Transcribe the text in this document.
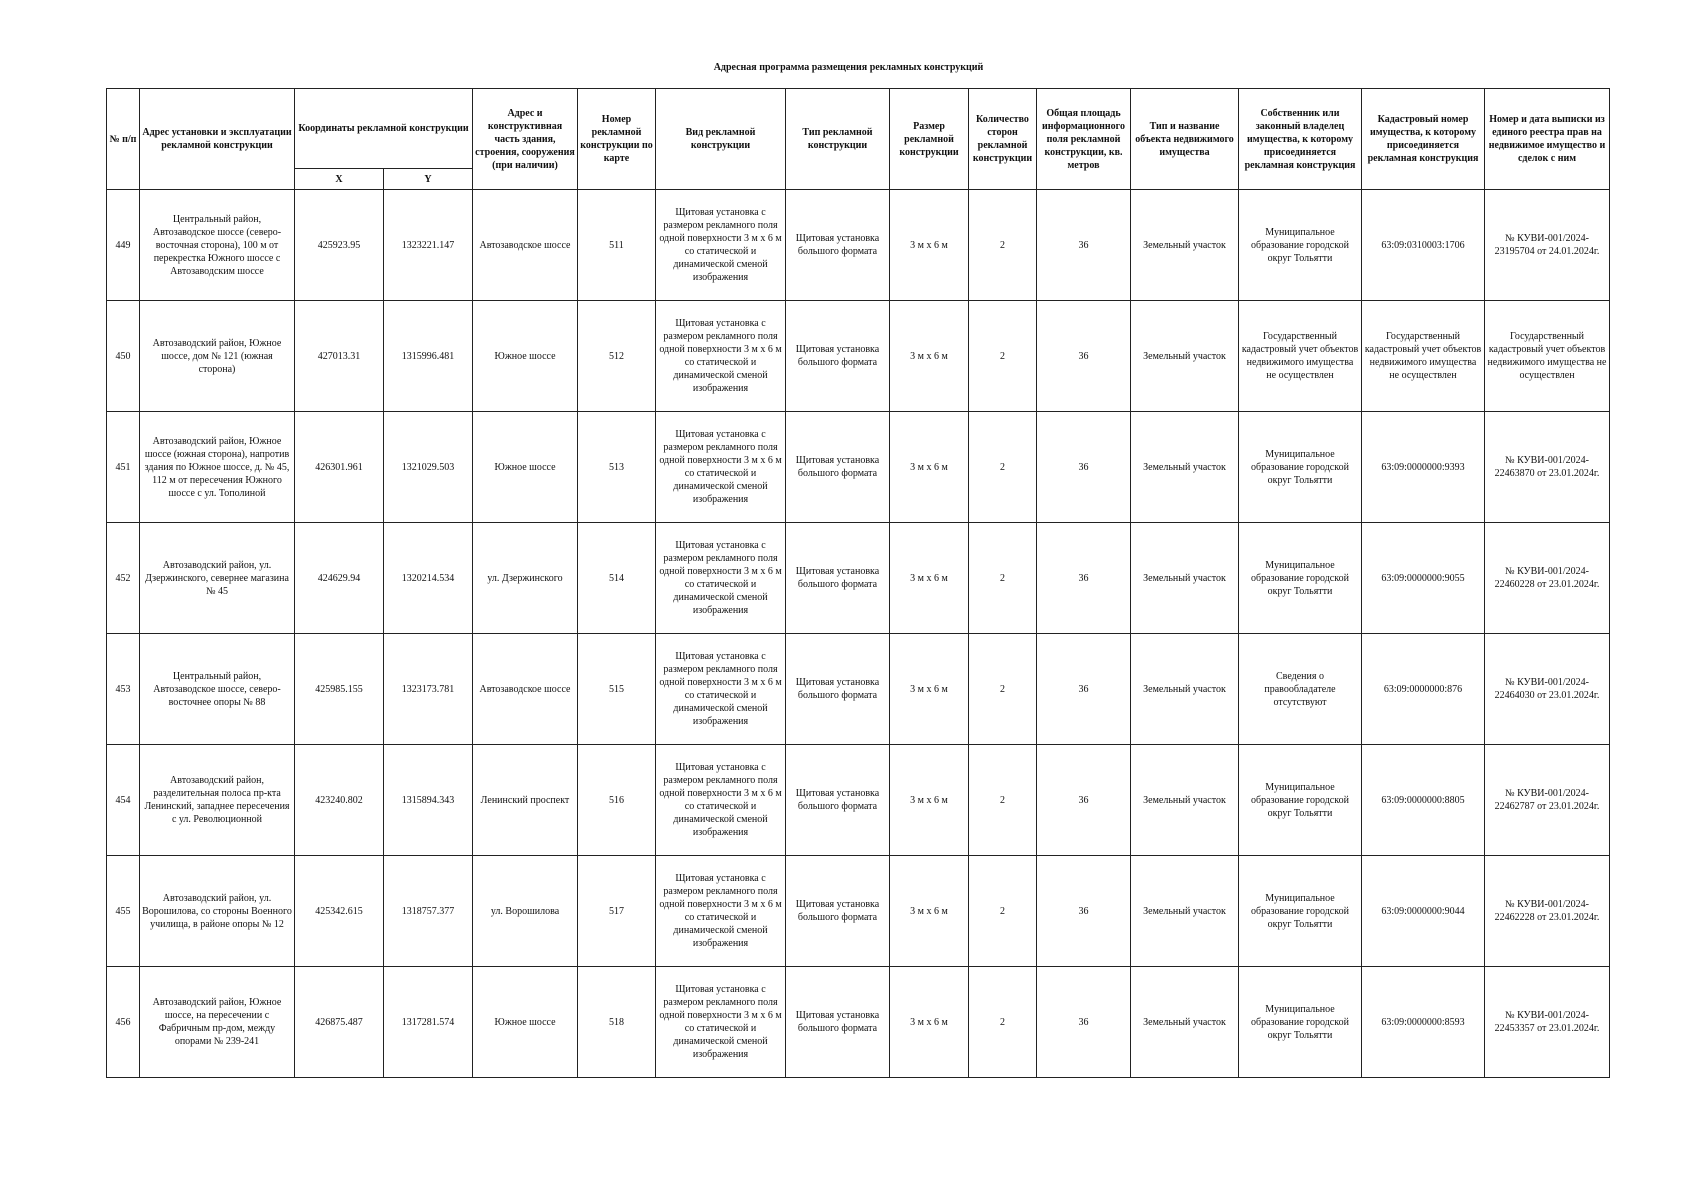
Адресная программа размещения рекламных конструкций
№ п/п	Адрес установки и эксплуатации рекламной конструкции	Координаты рекламной конструкции		Адрес и конструктивная часть здания, строения, сооружения (при наличии)	Номер рекламной конструкции по карте	Вид рекламной конструкции	Тип рекламной конструкции	Размер рекламной конструкции	Количество сторон рекламной конструкции	Общая площадь информационного поля рекламной конструкции, кв. метров	Тип и название объекта недвижимого имущества	Собственник или законный владелец имущества, к которому присоединяется рекламная конструкция	Кадастровый номер имущества, к которому присоединяется рекламная конструкция	Номер и дата выписки из единого реестра прав на недвижимое имущество и сделок с ним
		X	Y											
449	Центральный район, Автозаводское шоссе (северо-восточная сторона), 100 м от перекрестка Южного шоссе с Автозаводским шоссе	425923.95	1323221.147	Автозаводское шоссе	511	Щитовая установка с размером рекламного поля одной поверхности 3 м х 6 м со статической и динамической сменой изображения	Щитовая установка большого формата	3 м х 6 м	2	36	Земельный участок	Муниципальное образование городской округ Тольятти	63:09:0310003:1706	№ КУВИ-001/2024-23195704 от 24.01.2024г.
450	Автозаводский район, Южное шоссе, дом № 121 (южная сторона)	427013.31	1315996.481	Южное шоссе	512	Щитовая установка с размером рекламного поля одной поверхности 3 м х 6 м со статической и динамической сменой изображения	Щитовая установка большого формата	3 м х 6 м	2	36	Земельный участок	Государственный кадастровый учет объектов недвижимого имущества не осуществлен	Государственный кадастровый учет объектов недвижимого имущества не осуществлен	Государственный кадастровый учет объектов недвижимого имущества не осуществлен
451	Автозаводский район, Южное шоссе (южная сторона), напротив здания по Южное шоссе, д. № 45, 112 м от пересечения Южного шоссе с ул. Тополиной	426301.961	1321029.503	Южное шоссе	513	Щитовая установка с размером рекламного поля одной поверхности 3 м х 6 м со статической и динамической сменой изображения	Щитовая установка большого формата	3 м х 6 м	2	36	Земельный участок	Муниципальное образование городской округ Тольятти	63:09:0000000:9393	№ КУВИ-001/2024-22463870 от 23.01.2024г.
452	Автозаводский район, ул. Дзержинского, севернее магазина № 45	424629.94	1320214.534	ул. Дзержинского	514	Щитовая установка с размером рекламного поля одной поверхности 3 м х 6 м со статической и динамической сменой изображения	Щитовая установка большого формата	3 м х 6 м	2	36	Земельный участок	Муниципальное образование городской округ Тольятти	63:09:0000000:9055	№ КУВИ-001/2024-22460228 от 23.01.2024г.
453	Центральный район, Автозаводское шоссе, северо-восточнее опоры № 88	425985.155	1323173.781	Автозаводское шоссе	515	Щитовая установка с размером рекламного поля одной поверхности 3 м х 6 м со статической и динамической сменой изображения	Щитовая установка большого формата	3 м х 6 м	2	36	Земельный участок	Сведения о правообладателе отсутствуют	63:09:0000000:876	№ КУВИ-001/2024-22464030 от 23.01.2024г.
454	Автозаводский район, разделительная полоса пр-кта Ленинский, западнее пересечения с ул. Революционной	423240.802	1315894.343	Ленинский проспект	516	Щитовая установка с размером рекламного поля одной поверхности 3 м х 6 м со статической и динамической сменой изображения	Щитовая установка большого формата	3 м х 6 м	2	36	Земельный участок	Муниципальное образование городской округ Тольятти	63:09:0000000:8805	№ КУВИ-001/2024-22462787 от 23.01.2024г.
455	Автозаводский район, ул. Ворошилова, со стороны Военного училища, в районе опоры № 12	425342.615	1318757.377	ул. Ворошилова	517	Щитовая установка с размером рекламного поля одной поверхности 3 м х 6 м со статической и динамической сменой изображения	Щитовая установка большого формата	3 м х 6 м	2	36	Земельный участок	Муниципальное образование городской округ Тольятти	63:09:0000000:9044	№ КУВИ-001/2024-22462228 от 23.01.2024г.
456	Автозаводский район, Южное шоссе, на пересечении с Фабричным пр-дом, между опорами № 239-241	426875.487	1317281.574	Южное шоссе	518	Щитовая установка с размером рекламного поля одной поверхности 3 м х 6 м со статической и динамической сменой изображения	Щитовая установка большого формата	3 м х 6 м	2	36	Земельный участок	Муниципальное образование городской округ Тольятти	63:09:0000000:8593	№ КУВИ-001/2024-22453357 от 23.01.2024г.
